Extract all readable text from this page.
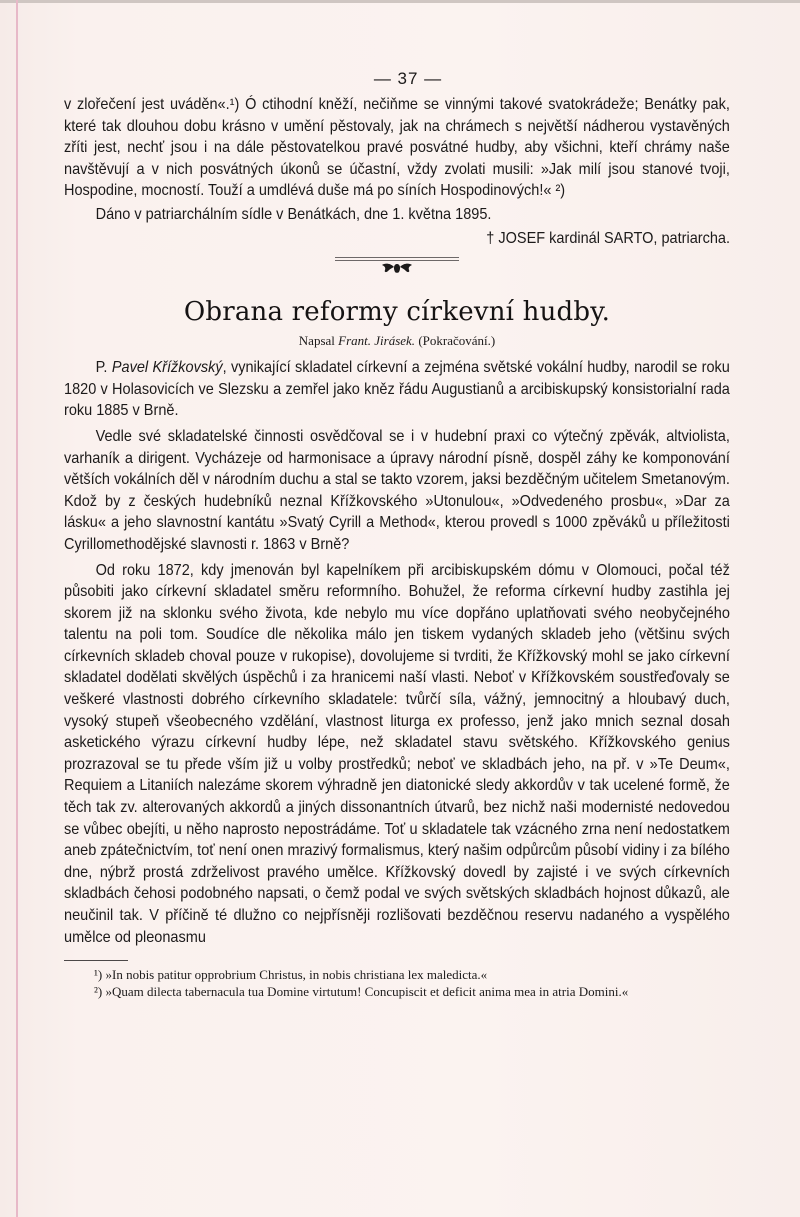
— 37 —

v zlořečení jest uváděn«.¹) Ó ctihodní kněží, nečiňme se vinnými takové svatokrádeže; Benátky pak, které tak dlouhou dobu krásno v umění pěstovaly, jak na chrámech s největší nádherou vystavěných zříti jest, nechť jsou i na dále pěstovatelkou pravé posvátné hudby, aby všichni, kteří chrámy naše navštěvují a v nich posvátných úkonů se účastní, vždy zvolati musili: »Jak milí jsou stanové tvoji, Hospodine, mocností. Touží a umdlévá duše má po síních Hospodinových!« ²)

Dáno v patriarchálním sídle v Benátkách, dne 1. května 1895.

† JOSEF kardinál SARTO, patriarcha.
Obrana reformy církevní hudby.
Napsal Frant. Jirásek. (Pokračování.)

P. Pavel Křížkovský, vynikající skladatel církevní a zejména světské vokální hudby, narodil se roku 1820 v Holasovicích ve Slezsku a zemřel jako kněz řádu Augustianů a arcibiskupský konsistorialní rada roku 1885 v Brně.

Vedle své skladatelské činnosti osvědčoval se i v hudební praxi co výtečný zpěvák, altviolista, varhaník a dirigent. Vycházeje od harmonisace a úpravy národní písně, dospěl záhy ke komponování větších vokálních děl v národním duchu a stal se takto vzorem, jaksi bezděčným učitelem Smetanovým. Kdož by z českých hudebníků neznal Křížkovského »Utonulou«, »Odvedeného prosbu«, »Dar za lásku« a jeho slavnostní kantátu »Svatý Cyrill a Method«, kterou provedl s 1000 zpěváků u příležitosti Cyrillomethodějské slavnosti r. 1863 v Brně?

Od roku 1872, kdy jmenován byl kapelníkem při arcibiskupském dómu v Olomouci, počal též působiti jako církevní skladatel směru reformního. Bohužel, že reforma církevní hudby zastihla jej skorem již na sklonku svého života, kde nebylo mu více dopřáno uplatňovati svého neobyčejného talentu na poli tom. Soudíce dle několika málo jen tiskem vydaných skladeb jeho (většinu svých církevních skladeb choval pouze v rukopise), dovolujeme si tvrditi, že Křížkovský mohl se jako církevní skladatel dodělati skvělých úspěchů i za hranicemi naší vlasti. Neboť v Křížkovském soustřeďovaly se veškeré vlastnosti dobrého církevního skladatele: tvůrčí síla, vážný, jemnocitný a hloubavý duch, vysoký stupeň všeobecného vzdělání, vlastnost liturga ex professo, jenž jako mnich seznal dosah asketického výrazu církevní hudby lépe, než skladatel stavu světského. Křížkovského genius prozrazoval se tu přede vším již u volby prostředků; neboť ve skladbách jeho, na př. v »Te Deum«, Requiem a Litaniích nalezáme skorem výhradně jen diatonické sledy akkordův v tak ucelené formě, že těch tak zv. alterovaných akkordů a jiných dissonantních útvarů, bez nichž naši modernisté nedovedou se vůbec obejíti, u něho naprosto nepostrádáme. Toť u skladatele tak vzácného zrna není nedostatkem aneb zpátečnictvím, toť není onen mrazivý formalismus, který našim odpůrcům působí vidiny i za bílého dne, nýbrž prostá zdrželivost pravého umělce. Křížkovský dovedl by zajisté i ve svých církevních skladbách čehosi podobného napsati, o čemž podal ve svých světských skladbách hojnost důkazů, ale neučinil tak. V příčině té dlužno co nejpřísněji rozlišovati bezděčnou reservu nadaného a vyspělého umělce od pleonasmu

¹) »In nobis patitur opprobrium Christus, in nobis christiana lex maledicta.«

²) »Quam dilecta tabernacula tua Domine virtutum! Concupiscit et deficit anima mea in atria Domini.«
